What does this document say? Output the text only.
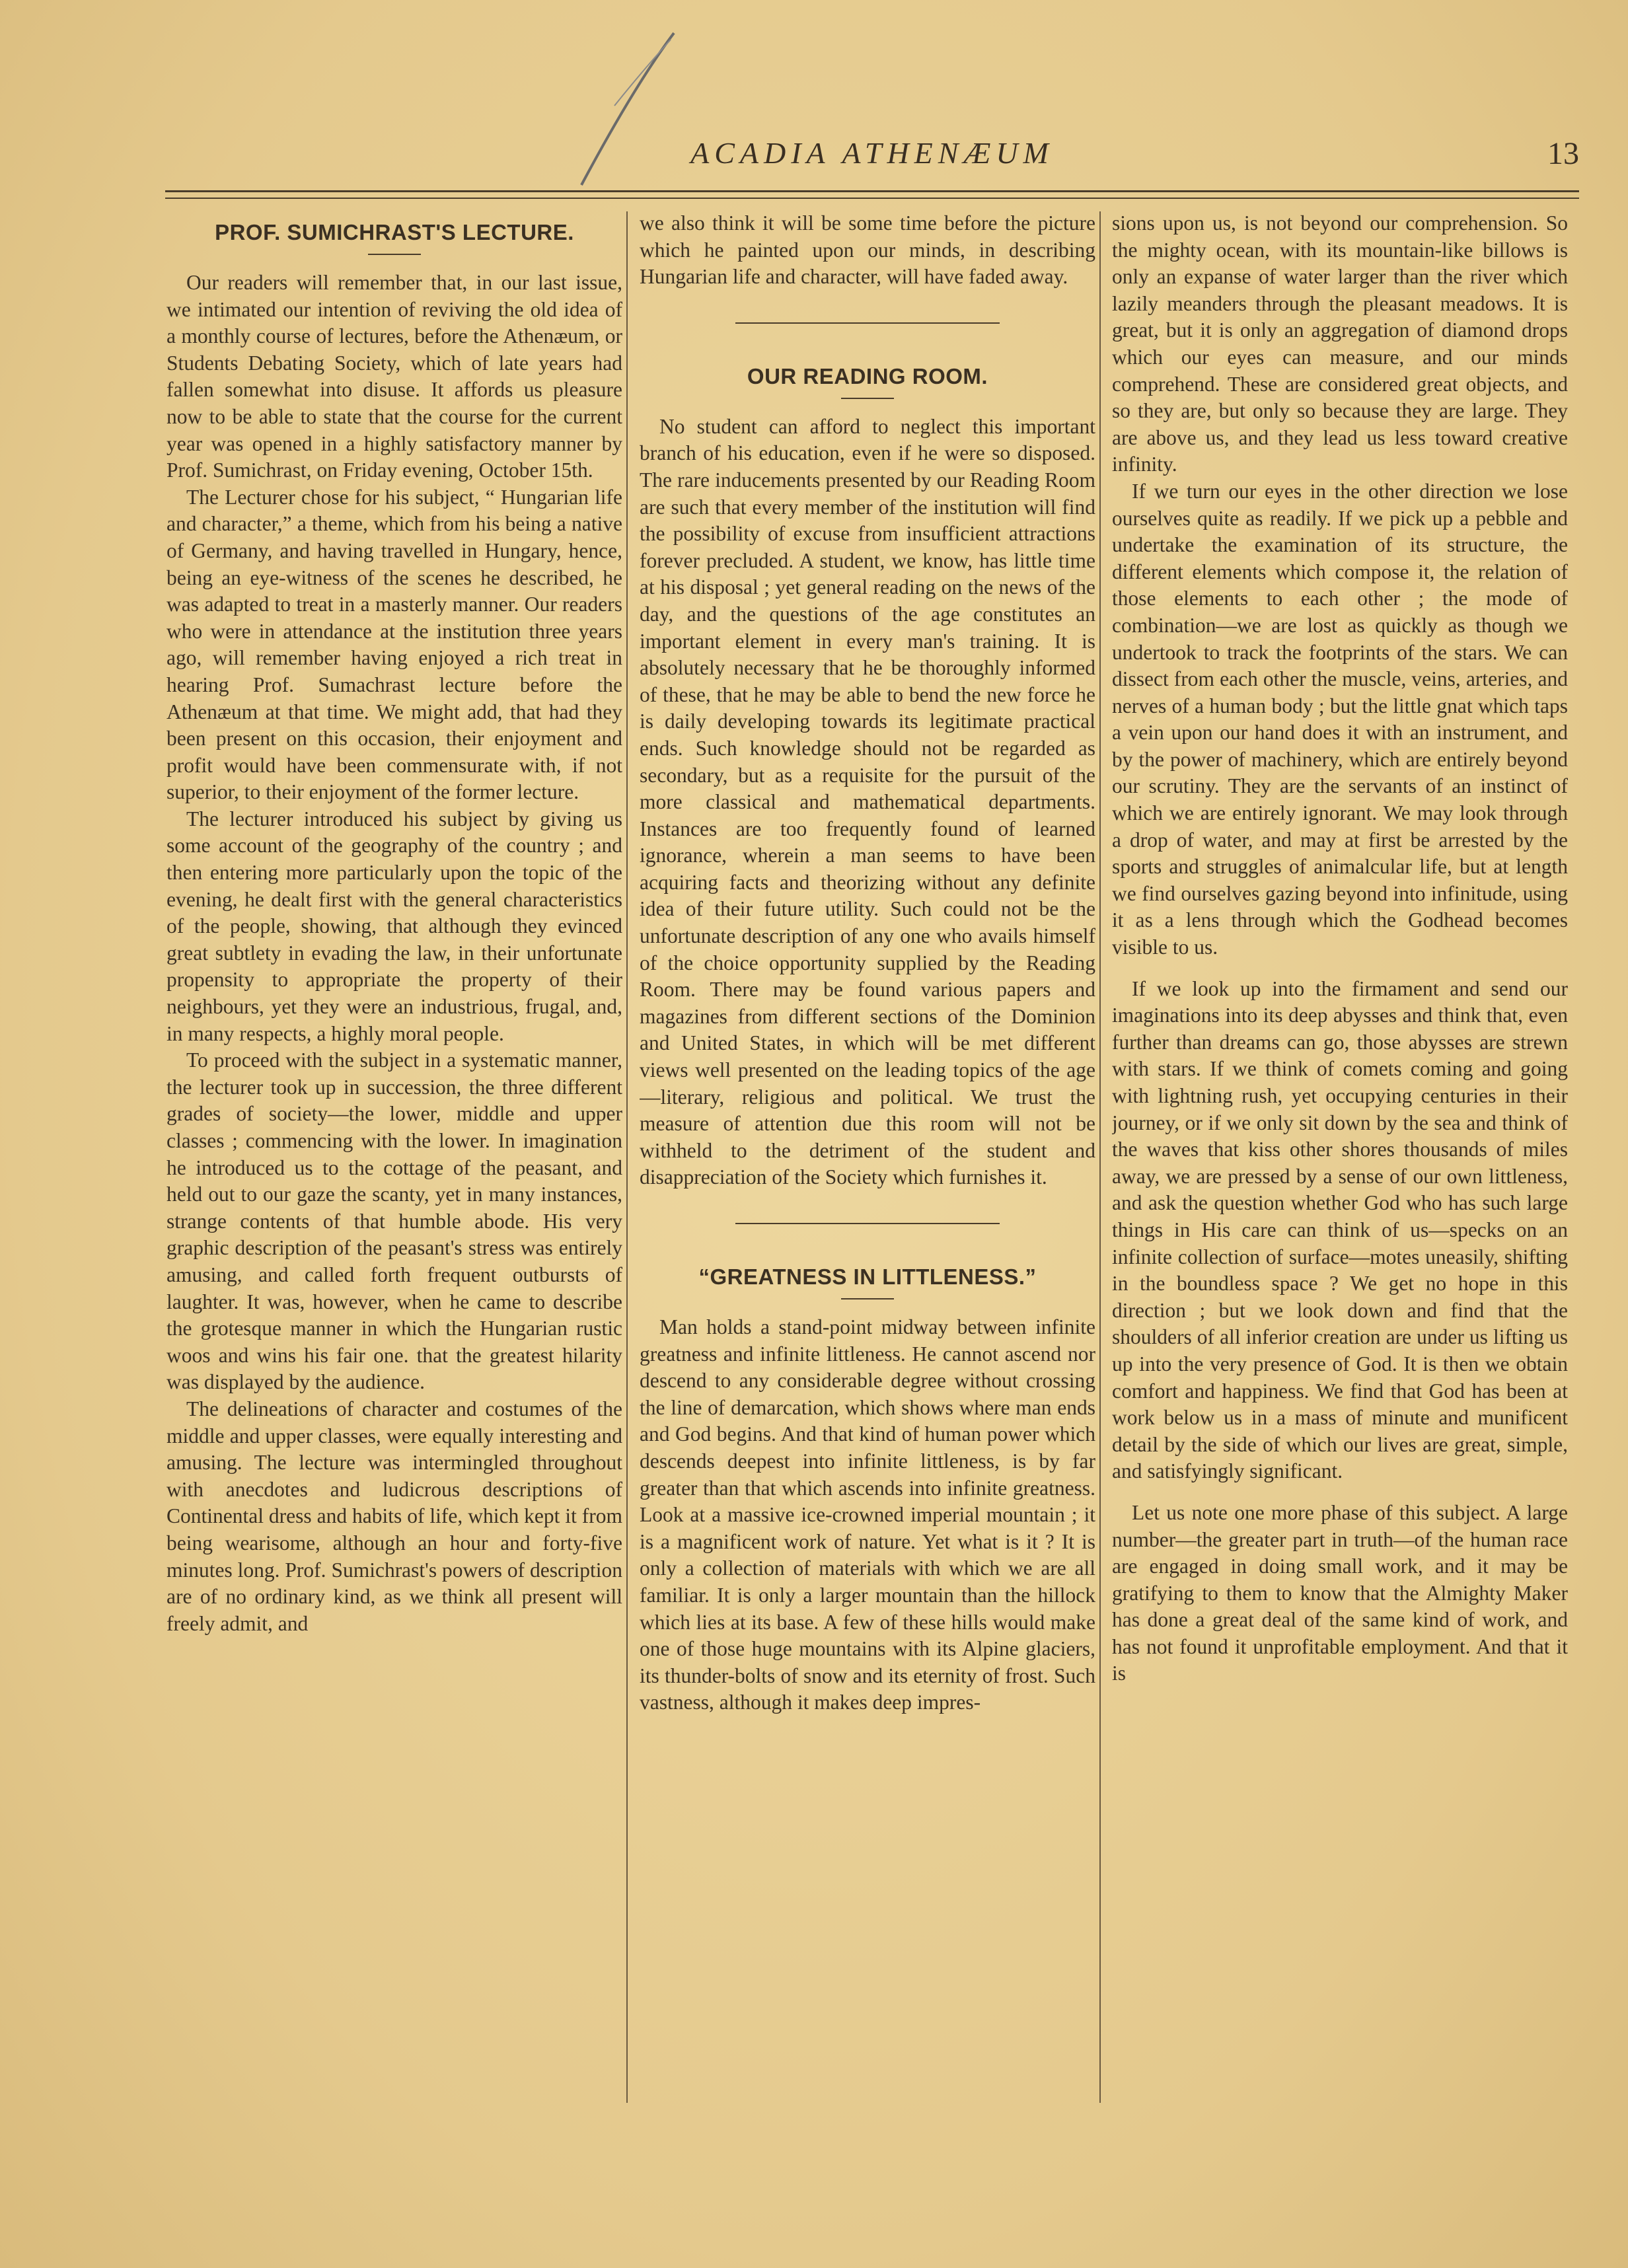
ACADIA ATHENÆUM	13
PROF. SUMICHRAST'S LECTURE.

Our readers will remember that, in our last issue, we intimated our intention of reviving the old idea of a monthly course of lectures, before the Athenæum, or Students Debating Society, which of late years had fallen somewhat into disuse. It affords us pleasure now to be able to state that the course for the current year was opened in a highly satisfactory manner by Prof. Sumichrast, on Friday evening, October 15th.

The Lecturer chose for his subject, “ Hungarian life and character,” a theme, which from his being a native of Germany, and having travelled in Hungary, hence, being an eye-witness of the scenes he described, he was adapted to treat in a masterly manner. Our readers who were in attendance at the institution three years ago, will remember having enjoyed a rich treat in hearing Prof. Sumachrast lecture before the Athenæum at that time. We might add, that had they been present on this occasion, their enjoyment and profit would have been commensurate with, if not superior, to their enjoyment of the former lecture.

The lecturer introduced his subject by giving us some account of the geography of the country ; and then entering more particularly upon the topic of the evening, he dealt first with the general characteristics of the people, showing, that although they evinced great subtlety in evading the law, in their unfortunate propensity to appropriate the property of their neighbours, yet they were an industrious, frugal, and, in many respects, a highly moral people.

To proceed with the subject in a systematic manner, the lecturer took up in succession, the three different grades of society—the lower, middle and upper classes ; commencing with the lower. In imagination he introduced us to the cottage of the peasant, and held out to our gaze the scanty, yet in many instances, strange contents of that humble abode. His very graphic description of the peasant's stress was entirely amusing, and called forth frequent outbursts of laughter. It was, however, when he came to describe the grotesque manner in which the Hungarian rustic woos and wins his fair one. that the greatest hilarity was displayed by the audience.

The delineations of character and costumes of the middle and upper classes, were equally interesting and amusing. The lecture was intermingled throughout with anecdotes and ludicrous descriptions of Continental dress and habits of life, which kept it from being wearisome, although an hour and forty-five minutes long. Prof. Sumichrast's powers of description are of no ordinary kind, as we think all present will freely admit, and

we also think it will be some time before the picture which he painted upon our minds, in describing Hungarian life and character, will have faded away.

OUR READING ROOM.

No student can afford to neglect this important branch of his education, even if he were so disposed. The rare inducements presented by our Reading Room are such that every member of the institution will find the possibility of excuse from insufficient attractions forever precluded. A student, we know, has little time at his disposal ; yet general reading on the news of the day, and the questions of the age constitutes an important element in every man's training. It is absolutely necessary that he be thoroughly informed of these, that he may be able to bend the new force he is daily developing towards its legitimate practical ends. Such knowledge should not be regarded as secondary, but as a requisite for the pursuit of the more classical and mathematical departments. Instances are too frequently found of learned ignorance, wherein a man seems to have been acquiring facts and theorizing without any definite idea of their future utility. Such could not be the unfortunate description of any one who avails himself of the choice opportunity supplied by the Reading Room. There may be found various papers and magazines from different sections of the Dominion and United States, in which will be met different views well presented on the leading topics of the age—literary, religious and political. We trust the measure of attention due this room will not be withheld to the detriment of the student and disappreciation of the Society which furnishes it.

“GREATNESS IN LITTLENESS.”

Man holds a stand-point midway between infinite greatness and infinite littleness. He cannot ascend nor descend to any considerable degree without crossing the line of demarcation, which shows where man ends and God begins. And that kind of human power which descends deepest into infinite littleness, is by far greater than that which ascends into infinite greatness. Look at a massive ice-crowned imperial mountain ; it is a magnificent work of nature. Yet what is it ? It is only a collection of materials with which we are all familiar. It is only a larger mountain than the hillock which lies at its base. A few of these hills would make one of those huge mountains with its Alpine glaciers, its thunder-bolts of snow and its eternity of frost. Such vastness, although it makes deep impres-

sions upon us, is not beyond our comprehension. So the mighty ocean, with its mountain-like billows is only an expanse of water larger than the river which lazily meanders through the pleasant meadows. It is great, but it is only an aggregation of diamond drops which our eyes can measure, and our minds comprehend. These are considered great objects, and so they are, but only so because they are large. They are above us, and they lead us less toward creative infinity.

If we turn our eyes in the other direction we lose ourselves quite as readily. If we pick up a pebble and undertake the examination of its structure, the different elements which compose it, the relation of those elements to each other ; the mode of combination—we are lost as quickly as though we undertook to track the footprints of the stars. We can dissect from each other the muscle, veins, arteries, and nerves of a human body ; but the little gnat which taps a vein upon our hand does it with an instrument, and by the power of machinery, which are entirely beyond our scrutiny. They are the servants of an instinct of which we are entirely ignorant. We may look through a drop of water, and may at first be arrested by the sports and struggles of animalcular life, but at length we find ourselves gazing beyond into infinitude, using it as a lens through which the Godhead becomes visible to us.

If we look up into the firmament and send our imaginations into its deep abysses and think that, even further than dreams can go, those abysses are strewn with stars. If we think of comets coming and going with lightning rush, yet occupying centuries in their journey, or if we only sit down by the sea and think of the waves that kiss other shores thousands of miles away, we are pressed by a sense of our own littleness, and ask the question whether God who has such large things in His care can think of us—specks on an infinite collection of surface—motes uneasily, shifting in the boundless space ? We get no hope in this direction ; but we look down and find that the shoulders of all inferior creation are under us lifting us up into the very presence of God. It is then we obtain comfort and happiness. We find that God has been at work below us in a mass of minute and munificent detail by the side of which our lives are great, simple, and satisfyingly significant.

Let us note one more phase of this subject. A large number—the greater part in truth—of the human race are engaged in doing small work, and it may be gratifying to them to know that the Almighty Maker has done a great deal of the same kind of work, and has not found it unprofitable employment. And that it is
